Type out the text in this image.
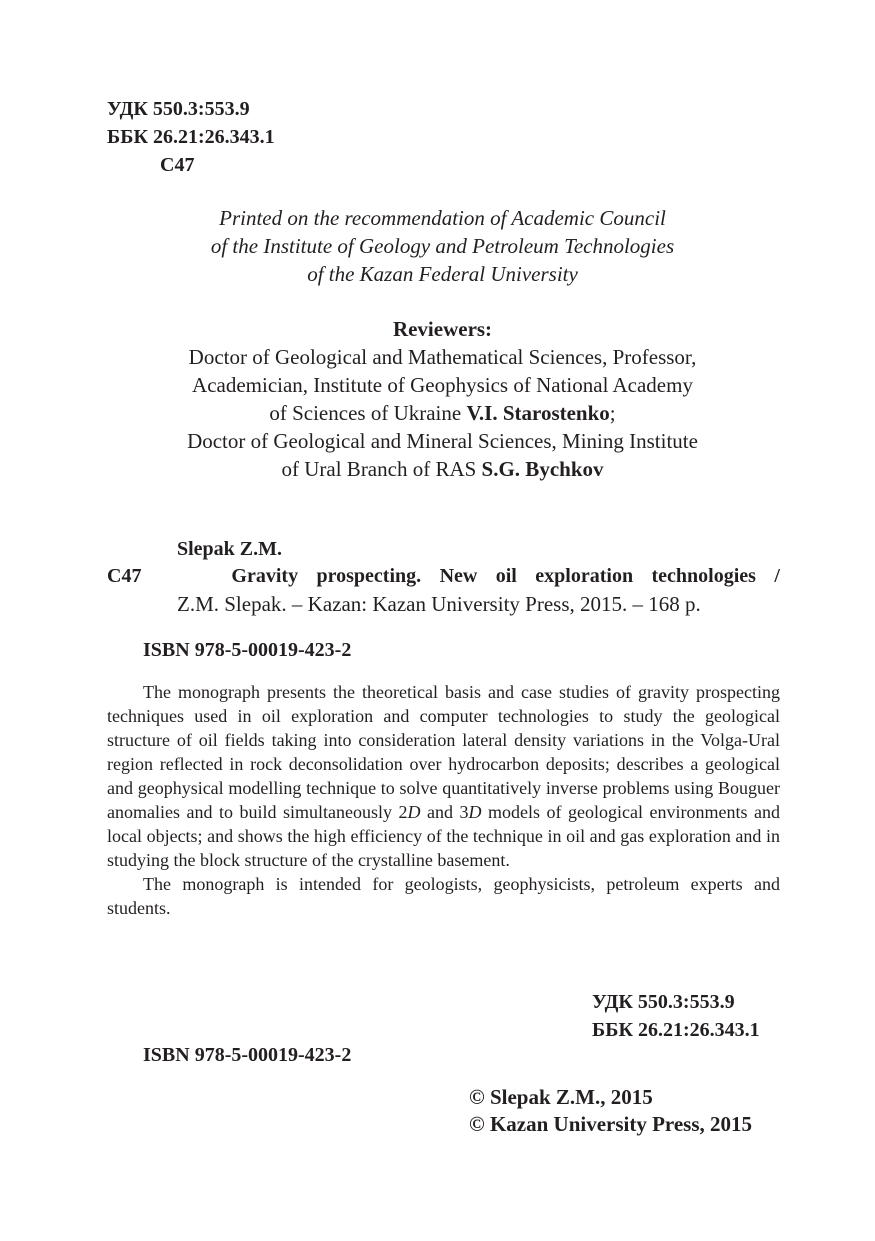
УДК 550.3:553.9
ББК 26.21:26.343.1
С47
Printed on the recommendation of Academic Council
of the Institute of Geology and Petroleum Technologies
of the Kazan Federal University
Reviewers:
Doctor of Geological and Mathematical Sciences, Professor,
Academician, Institute of Geophysics of National Academy
of Sciences of Ukraine V.I. Starostenko;
Doctor of Geological and Mineral Sciences, Mining Institute
of Ural Branch of RAS S.G. Bychkov
Slepak Z.M.
С47	Gravity prospecting. New oil exploration technologies /
Z.M. Slepak. – Kazan: Kazan University Press, 2015. – 168 p.
ISBN 978-5-00019-423-2

The monograph presents the theoretical basis and case studies of gravity prospecting techniques used in oil exploration and computer technologies to study the geological structure of oil fields taking into consideration lateral density variations in the Volga-Ural region reflected in rock deconsolidation over hydrocarbon deposits; describes a geological and geophysical modelling technique to solve quantitatively inverse problems using Bouguer anomalies and to build simultaneously 2D and 3D models of geological environments and local objects; and shows the high efficiency of the technique in oil and gas exploration and in studying the block structure of the crystalline basement.

The monograph is intended for geologists, geophysicists, petroleum experts and students.

УДК 550.3:553.9
ББК 26.21:26.343.1
ISBN 978-5-00019-423-2
© Slepak Z.M., 2015
© Kazan University Press, 2015
